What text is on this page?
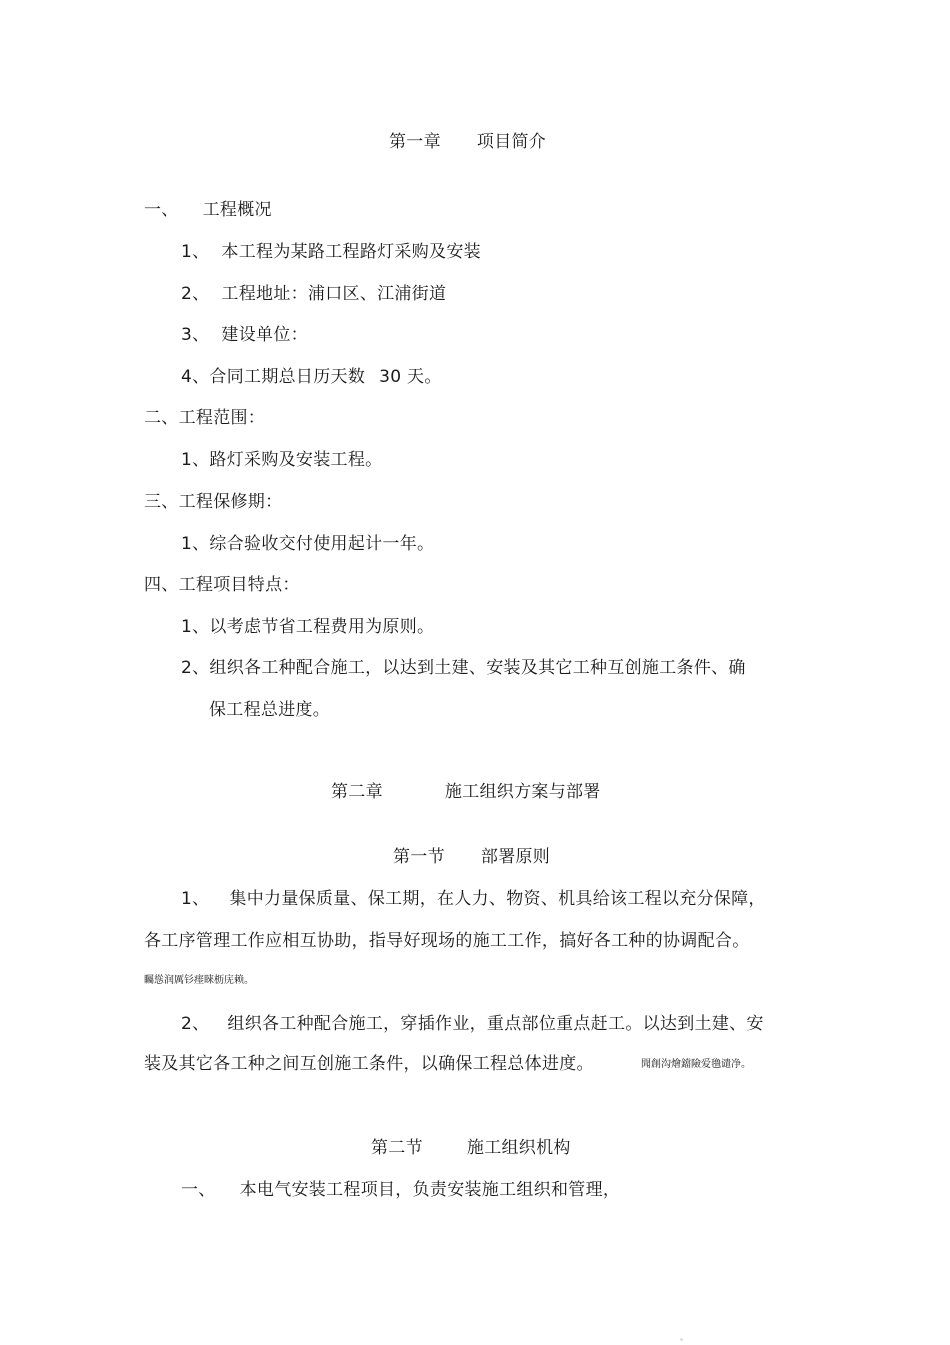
第一章 项目简介
一、 工程概况
1、 本工程为某路工程路灯采购及安装
2、 工程地址：浦口区、江浦街道
3、 建设单位：
4、合同工期总日历天数 30 天。
二、工程范围：
1、路灯采购及安装工程。
三、工程保修期：
1、综合验收交付使用起计一年。
四、工程项目特点：
1、以考虑节省工程费用为原则。
2、组织各工种配合施工，以达到土建、安装及其它工种互创施工条件、确
保工程总进度。
第二章	施工组织方案与部署
第一节 部署原则
1、 集中力量保质量、保工期，在人力、物资、机具给该工程以充分保障，
各工序管理工作应相互协助，指导好现场的施工工作，搞好各工种的协调配合。
矚慫润厲钐瘗睞枥庑赖。
2、 组织各工种配合施工，穿插作业，重点部位重点赶工。以达到土建、安
装及其它各工种之间互创施工条件，以确保工程总体进度。	聞創沟燴鐺險爱氇谴净。
第二节	施工组织机构
一、 本电气安装工程项目，负责安装施工组织和管理，
